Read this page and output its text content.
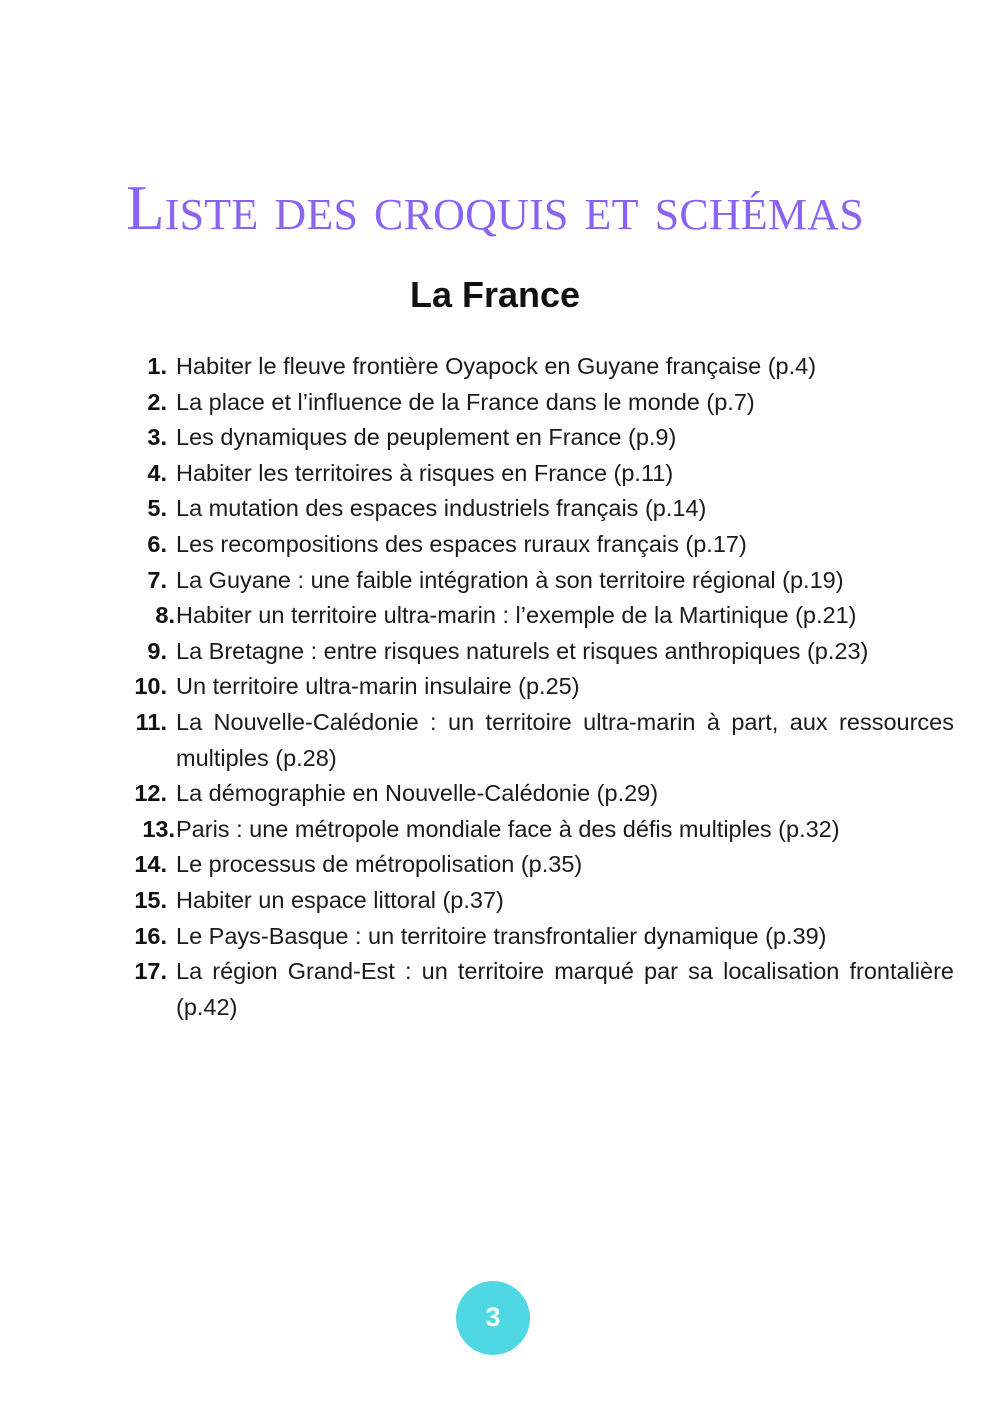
Liste des croquis et schémas
La France
1. Habiter le fleuve frontière Oyapock en Guyane française (p.4)
2. La place et l’influence de la France dans le monde (p.7)
3. Les dynamiques de peuplement en France (p.9)
4. Habiter les territoires à risques en France (p.11)
5. La mutation des espaces industriels français (p.14)
6. Les recompositions des espaces ruraux français (p.17)
7. La Guyane : une faible intégration à son territoire régional (p.19)
8. Habiter un territoire ultra-marin : l’exemple de la Martinique (p.21)
9. La Bretagne : entre risques naturels et risques anthropiques (p.23)
10. Un territoire ultra-marin insulaire (p.25)
11. La Nouvelle-Calédonie : un territoire ultra-marin à part, aux ressources multiples (p.28)
12. La démographie en Nouvelle-Calédonie (p.29)
13. Paris : une métropole mondiale face à des défis multiples (p.32)
14. Le processus de métropolisation (p.35)
15. Habiter un espace littoral (p.37)
16. Le Pays-Basque : un territoire transfrontalier dynamique (p.39)
17. La région Grand-Est : un territoire marqué par sa localisation frontalière (p.42)
3
